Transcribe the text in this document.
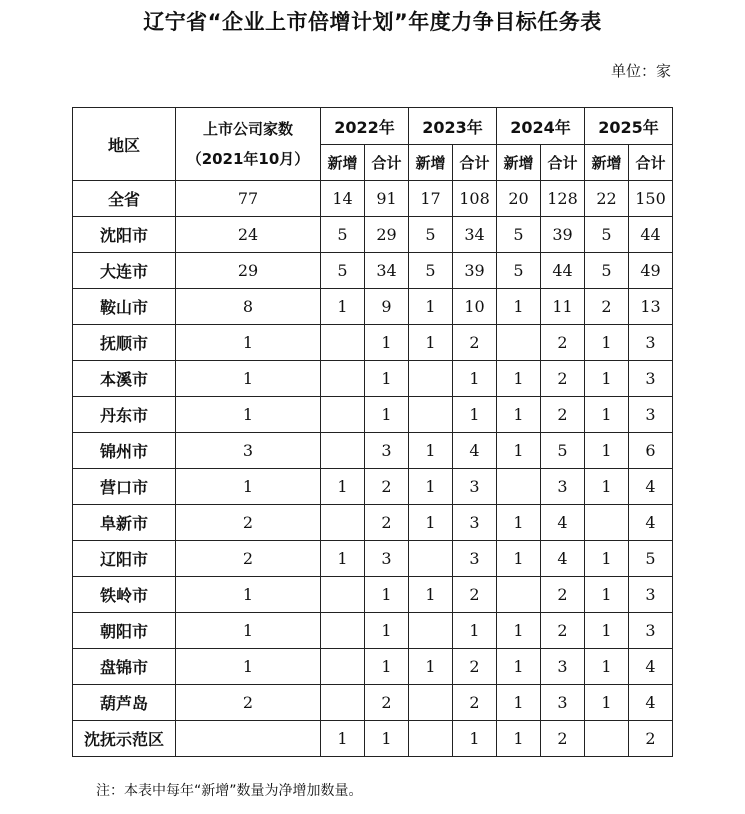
辽宁省“企业上市倍增计划”年度力争目标任务表
单位：家
地区	上市公司家数
（2021年10月）	2022年		2023年		2024年		2025年	
		新增	合计	新增	合计	新增	合计	新增	合计
全省	77	14	91	17	108	20	128	22	150
沈阳市	24	5	29	5	34	5	39	5	44
大连市	29	5	34	5	39	5	44	5	49
鞍山市	8	1	9	1	10	1	11	2	13
抚顺市	1		1	1	2		2	1	3
本溪市	1		1		1	1	2	1	3
丹东市	1		1		1	1	2	1	3
锦州市	3		3	1	4	1	5	1	6
营口市	1	1	2	1	3		3	1	4
阜新市	2		2	1	3	1	4		4
辽阳市	2	1	3		3	1	4	1	5
铁岭市	1		1	1	2		2	1	3
朝阳市	1		1		1	1	2	1	3
盘锦市	1		1	1	2	1	3	1	4
葫芦岛	2		2		2	1	3	1	4
沈抚示范区		1	1		1	1	2		2
注：本表中每年“新增”数量为净增加数量。
